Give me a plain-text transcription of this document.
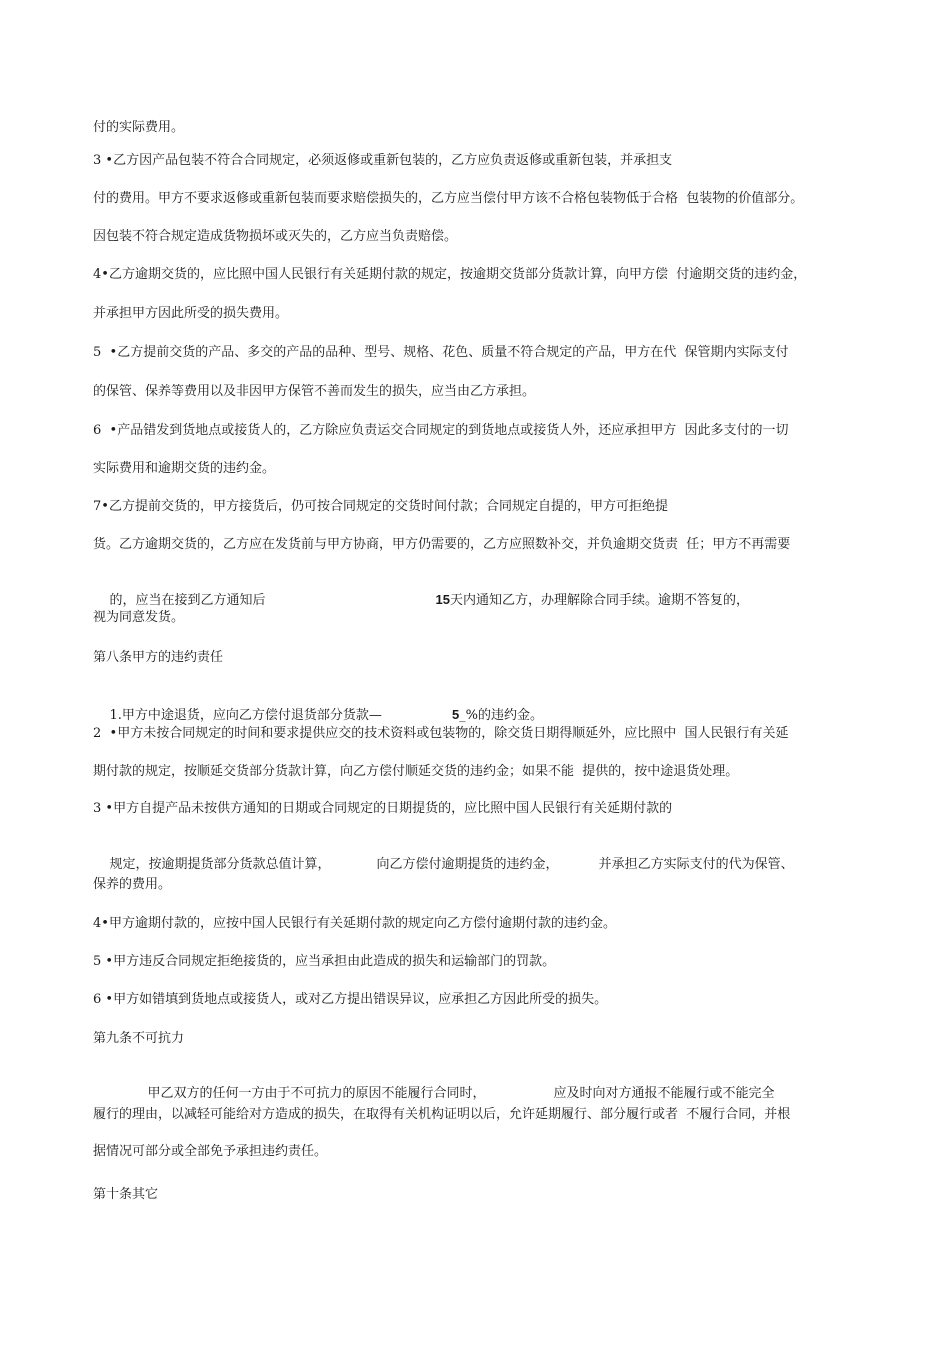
付的实际费用。
3 •乙方因产品包装不符合合同规定，必须返修或重新包装的，乙方应负责返修或重新包装，并承担支
付的费用。甲方不要求返修或重新包装而要求赔偿损失的，乙方应当偿付甲方该不合格包装物低于合格  包装物的价值部分。
因包装不符合规定造成货物损坏或灭失的，乙方应当负责赔偿。
4•乙方逾期交货的，应比照中国人民银行有关延期付款的规定，按逾期交货部分货款计算，向甲方偿  付逾期交货的违约金，
并承担甲方因此所受的损失费用。
5  •乙方提前交货的产品、多交的产品的品种、型号、规格、花色、质量不符合规定的产品，甲方在代  保管期内实际支付
的保管、保养等费用以及非因甲方保管不善而发生的损失，应当由乙方承担。
6  •产品错发到货地点或接货人的，乙方除应负责运交合同规定的到货地点或接货人外，还应承担甲方  因此多支付的一切
实际费用和逾期交货的违约金。
7•乙方提前交货的，甲方接货后，仍可按合同规定的交货时间付款；合同规定自提的，甲方可拒绝提
货。乙方逾期交货的，乙方应在发货前与甲方协商，甲方仍需要的，乙方应照数补交，并负逾期交货责  任；甲方不再需要

的，应当在接到乙方通知后	15天内通知乙方，办理解除合同手续。逾期不答复的，

视为同意发货。
第八条甲方的违约责任

1.甲方中途退货，应向乙方偿付退货部分货款—	5_%的违约金。

2  •甲方未按合同规定的时间和要求提供应交的技术资料或包装物的，除交货日期得顺延外，应比照中  国人民银行有关延
期付款的规定，按顺延交货部分货款计算，向乙方偿付顺延交货的违约金；如果不能  提供的，按中途退货处理。
3 •甲方自提产品未按供方通知的日期或合同规定的日期提货的，应比照中国人民银行有关延期付款的

规定，按逾期提货部分货款总值计算，	向乙方偿付逾期提货的违约金，	并承担乙方实际支付的代为保管、

保养的费用。
4•甲方逾期付款的，应按中国人民银行有关延期付款的规定向乙方偿付逾期付款的违约金。
5 •甲方违反合同规定拒绝接货的，应当承担由此造成的损失和运输部门的罚款。
6 •甲方如错填到货地点或接货人，或对乙方提出错误异议，应承担乙方因此所受的损失。
第九条不可抗力

甲乙双方的任何一方由于不可抗力的原因不能履行合同时，	应及时向对方通报不能履行或不能完全

履行的理由，以减轻可能给对方造成的损失，在取得有关机构证明以后，允许延期履行、部分履行或者  不履行合同，并根
据情况可部分或全部免予承担违约责任。
第十条其它
